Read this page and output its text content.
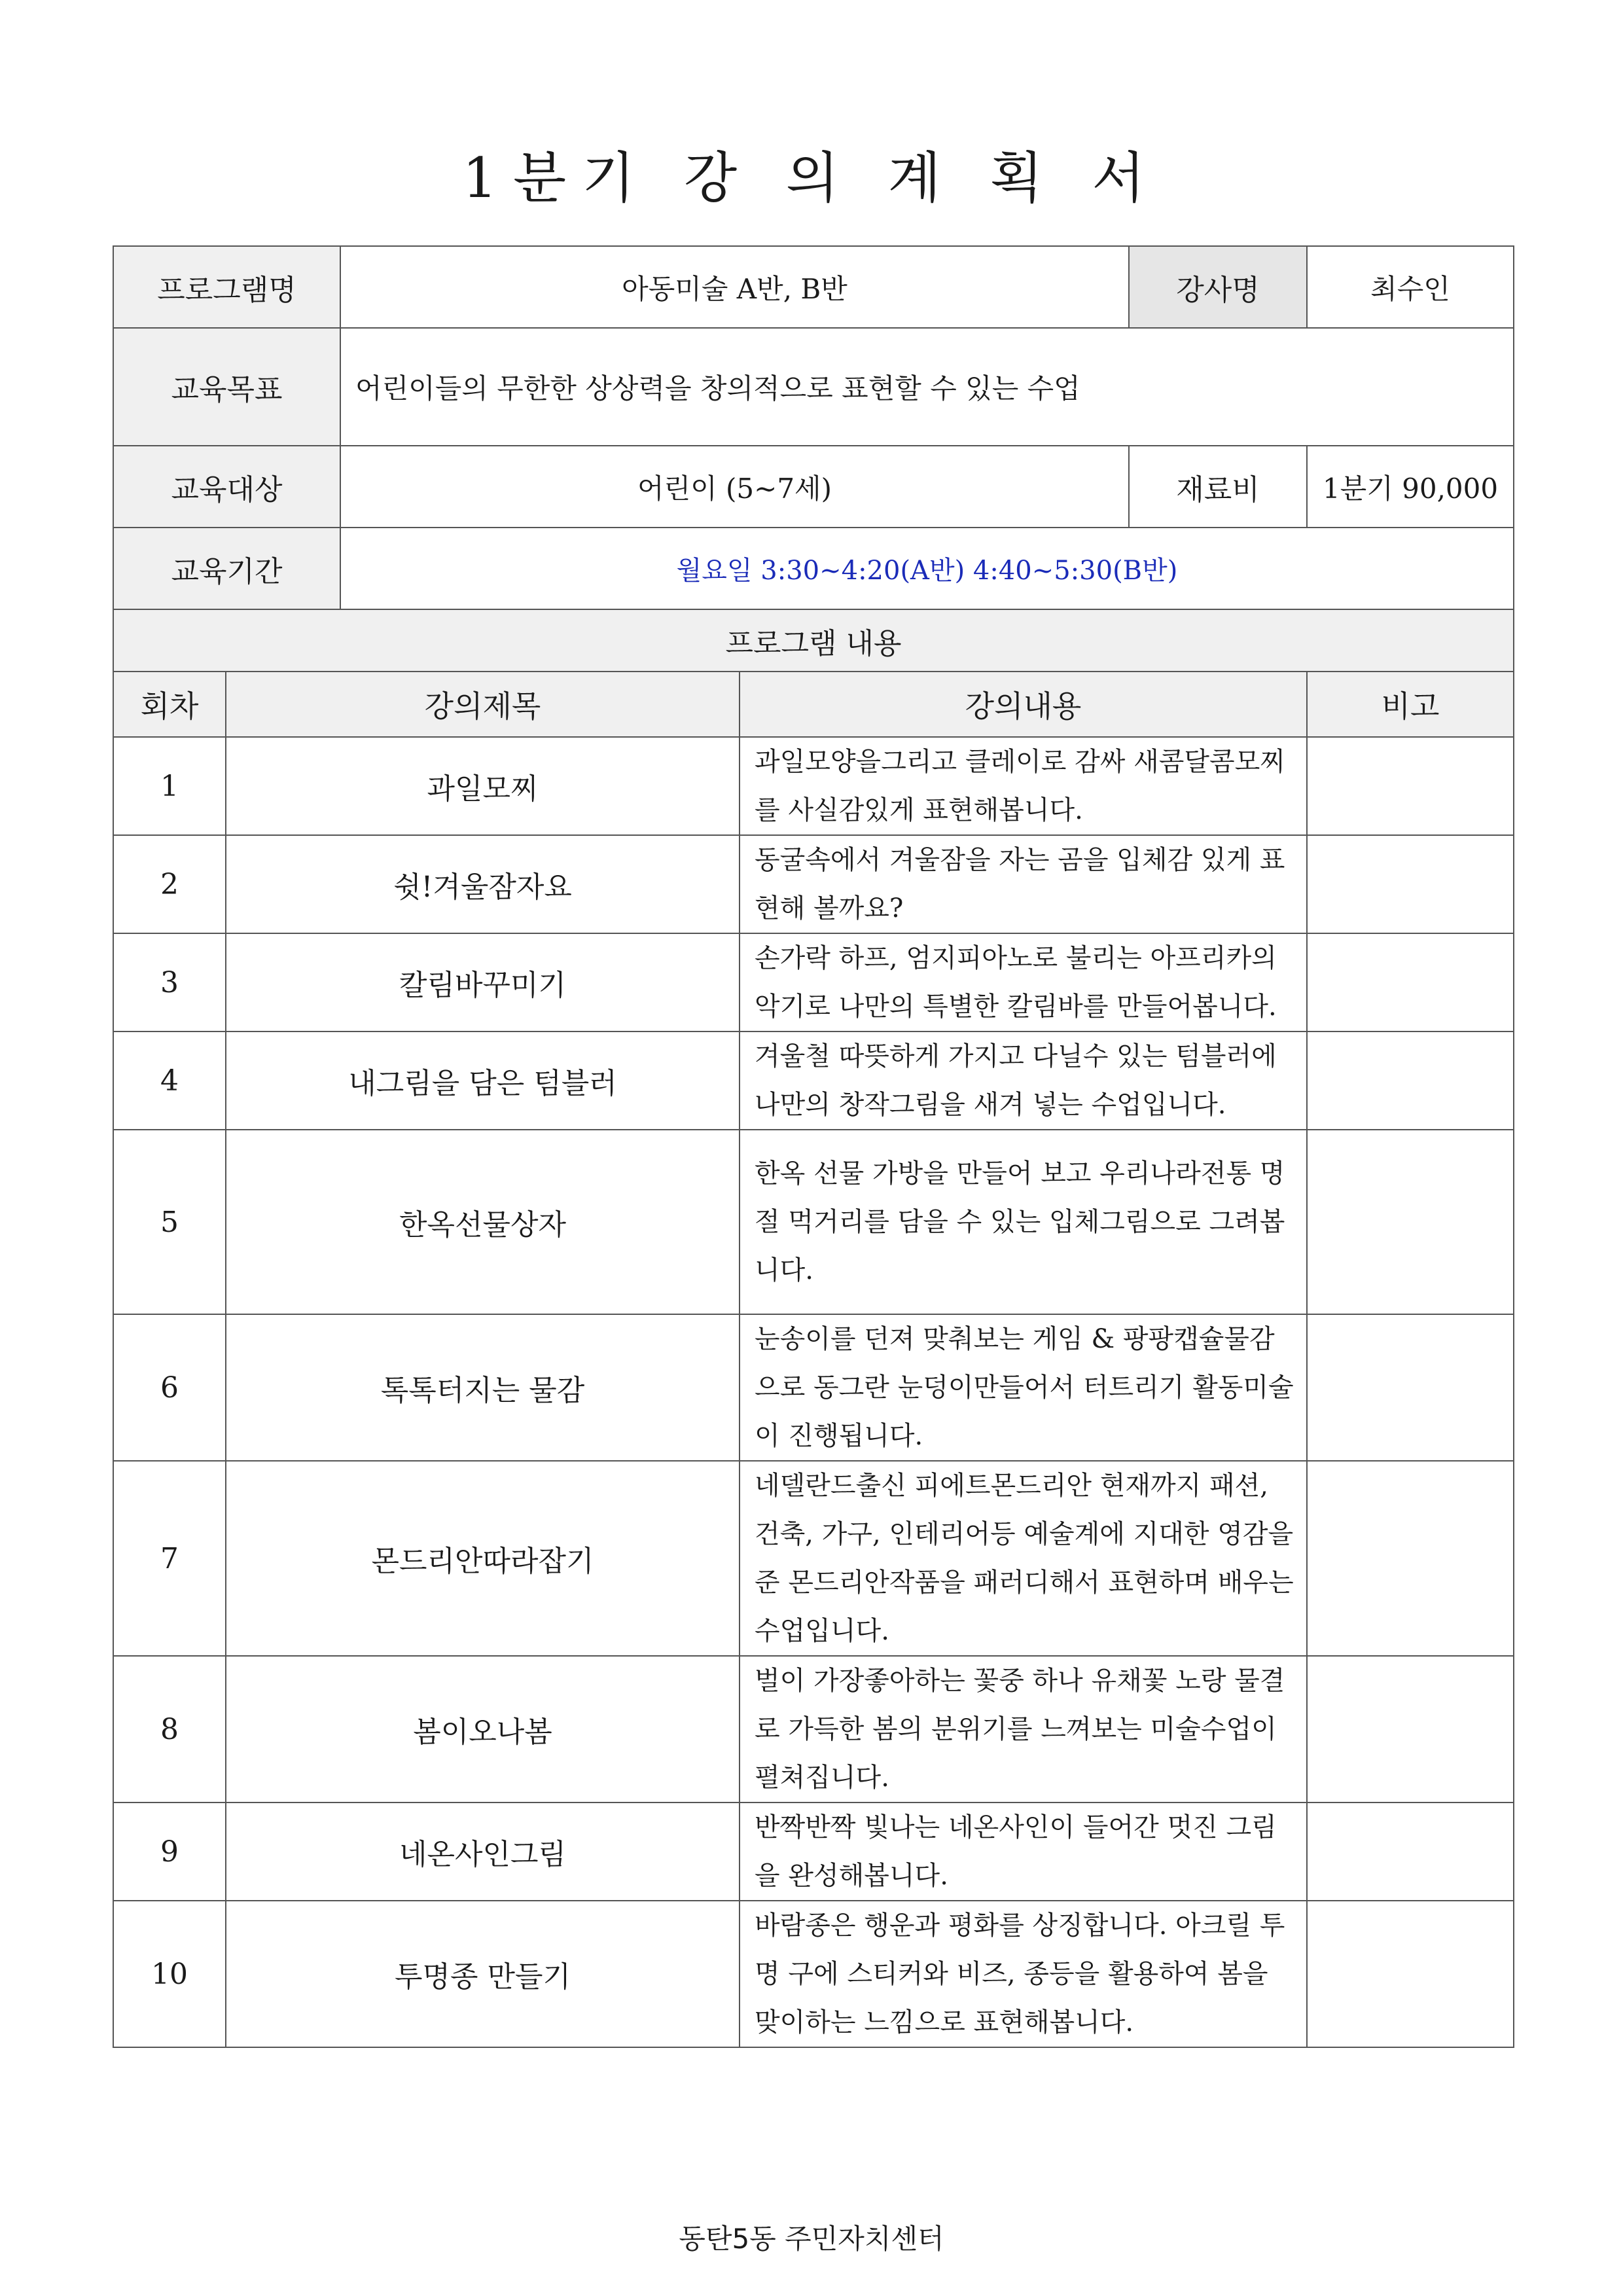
1분기 강 의 계 획 서
프로그램명		아동미술 A반, B반		강사명	최수인
교육목표		어린이들의 무한한 상상력을 창의적으로 표현할 수 있는 수업			
교육대상		어린이 (5~7세)		재료비	1분기 90,000
교육기간		월요일 3:30~4:20(A반) 4:40~5:30(B반)			
프로그램 내용					
회차	강의제목		강의내용		비고
1	과일모찌		과일모양을그리고 클레이로 감싸 새콤달콤모찌를 사실감있게 표현해봅니다.		
2	쉿!겨울잠자요		동굴속에서 겨울잠을 자는 곰을 입체감 있게 표현해 볼까요?		
3	칼림바꾸미기		손가락 하프, 엄지피아노로 불리는 아프리카의 악기로 나만의 특별한 칼림바를 만들어봅니다.		
4	내그림을 담은 텀블러		겨울철 따뜻하게 가지고 다닐수 있는 텀블러에 나만의 창작그림을 새겨 넣는 수업입니다.		
5	한옥선물상자		한옥 선물 가방을 만들어 보고 우리나라전통 명절 먹거리를 담을 수 있는 입체그림으로 그려봅니다.		
6	톡톡터지는 물감		눈송이를 던져 맞춰보는 게임 & 팡팡캡슐물감으로 동그란 눈덩이만들어서 터트리기 활동미술이 진행됩니다.		
7	몬드리안따라잡기		네델란드출신 피에트몬드리안 현재까지 패션, 건축, 가구, 인테리어등 예술계에 지대한 영감을 준 몬드리안작품을 패러디해서 표현하며 배우는수업입니다.		
8	봄이오나봄		벌이 가장좋아하는 꽃중 하나 유채꽃 노랑 물결로 가득한 봄의 분위기를 느껴보는 미술수업이 펼쳐집니다.		
9	네온사인그림		반짝반짝 빛나는 네온사인이 들어간 멋진 그림을 완성해봅니다.		
10	투명종 만들기		바람종은 행운과 평화를 상징합니다. 아크릴 투명 구에 스티커와 비즈, 종등을 활용하여 봄을 맞이하는 느낌으로 표현해봅니다.		
동탄5동 주민자치센터
